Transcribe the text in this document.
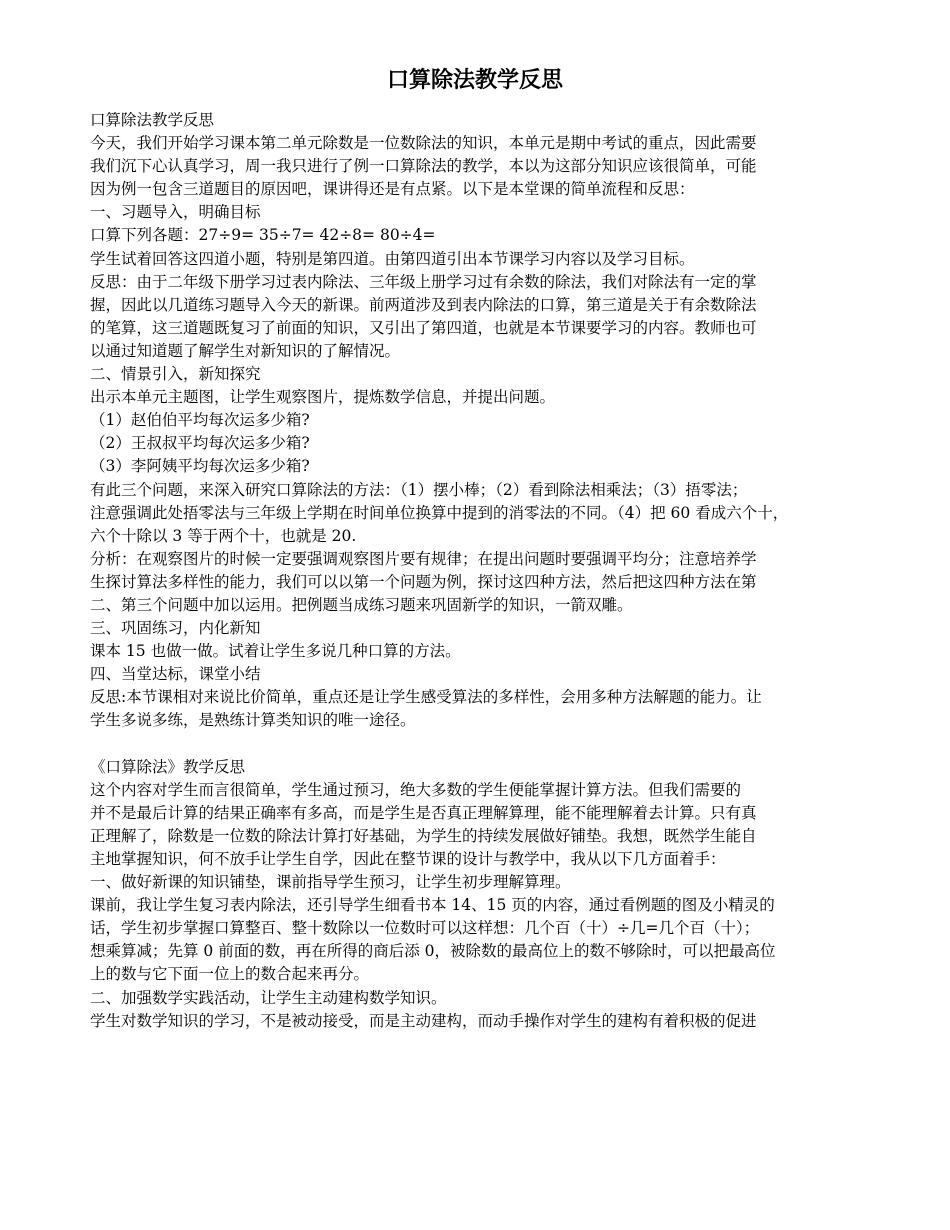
口算除法教学反思
口算除法教学反思
今天，我们开始学习课本第二单元除数是一位数除法的知识，本单元是期中考试的重点，因此需要
我们沉下心认真学习，周一我只进行了例一口算除法的教学，本以为这部分知识应该很简单，可能
因为例一包含三道题目的原因吧，课讲得还是有点紧。以下是本堂课的简单流程和反思：
一、习题导入，明确目标
口算下列各题：27÷9= 35÷7= 42÷8= 80÷4=
学生试着回答这四道小题，特别是第四道。由第四道引出本节课学习内容以及学习目标。
反思：由于二年级下册学习过表内除法、三年级上册学习过有余数的除法，我们对除法有一定的掌
握，因此以几道练习题导入今天的新课。前两道涉及到表内除法的口算，第三道是关于有余数除法
的笔算，这三道题既复习了前面的知识，又引出了第四道，也就是本节课要学习的内容。教师也可
以通过知道题了解学生对新知识的了解情况。
二、情景引入，新知探究
出示本单元主题图，让学生观察图片，提炼数学信息，并提出问题。
（1）赵伯伯平均每次运多少箱?
（2）王叔叔平均每次运多少箱?
（3）李阿姨平均每次运多少箱?
有此三个问题，来深入研究口算除法的方法：（1）摆小棒；（2）看到除法相乘法；（3）捂零法；
注意强调此处捂零法与三年级上学期在时间单位换算中提到的消零法的不同。（4）把 60 看成六个十，
六个十除以 3 等于两个十，也就是 20.
分析：在观察图片的时候一定要强调观察图片要有规律；在提出问题时要强调平均分；注意培养学
生探讨算法多样性的能力，我们可以以第一个问题为例，探讨这四种方法，然后把这四种方法在第
二、第三个问题中加以运用。把例题当成练习题来巩固新学的知识，一箭双雕。
三、巩固练习，内化新知
课本 15 也做一做。试着让学生多说几种口算的方法。
四、当堂达标，课堂小结
反思:本节课相对来说比价简单，重点还是让学生感受算法的多样性，会用多种方法解题的能力。让
学生多说多练，是熟练计算类知识的唯一途径。
《口算除法》教学反思
这个内容对学生而言很简单，学生通过预习，绝大多数的学生便能掌握计算方法。但我们需要的
并不是最后计算的结果正确率有多高，而是学生是否真正理解算理，能不能理解着去计算。只有真
正理解了，除数是一位数的除法计算打好基础，为学生的持续发展做好铺垫。我想，既然学生能自
主地掌握知识，何不放手让学生自学，因此在整节课的设计与教学中，我从以下几方面着手：
一、做好新课的知识铺垫，课前指导学生预习，让学生初步理解算理。
课前，我让学生复习表内除法，还引导学生细看书本 14、15 页的内容，通过看例题的图及小精灵的
话，学生初步掌握口算整百、整十数除以一位数时可以这样想：几个百（十）÷几=几个百（十）；
想乘算减；先算 0 前面的数，再在所得的商后添 0，被除数的最高位上的数不够除时，可以把最高位
上的数与它下面一位上的数合起来再分。
二、加强数学实践活动，让学生主动建构数学知识。
学生对数学知识的学习，不是被动接受，而是主动建构，而动手操作对学生的建构有着积极的促进
